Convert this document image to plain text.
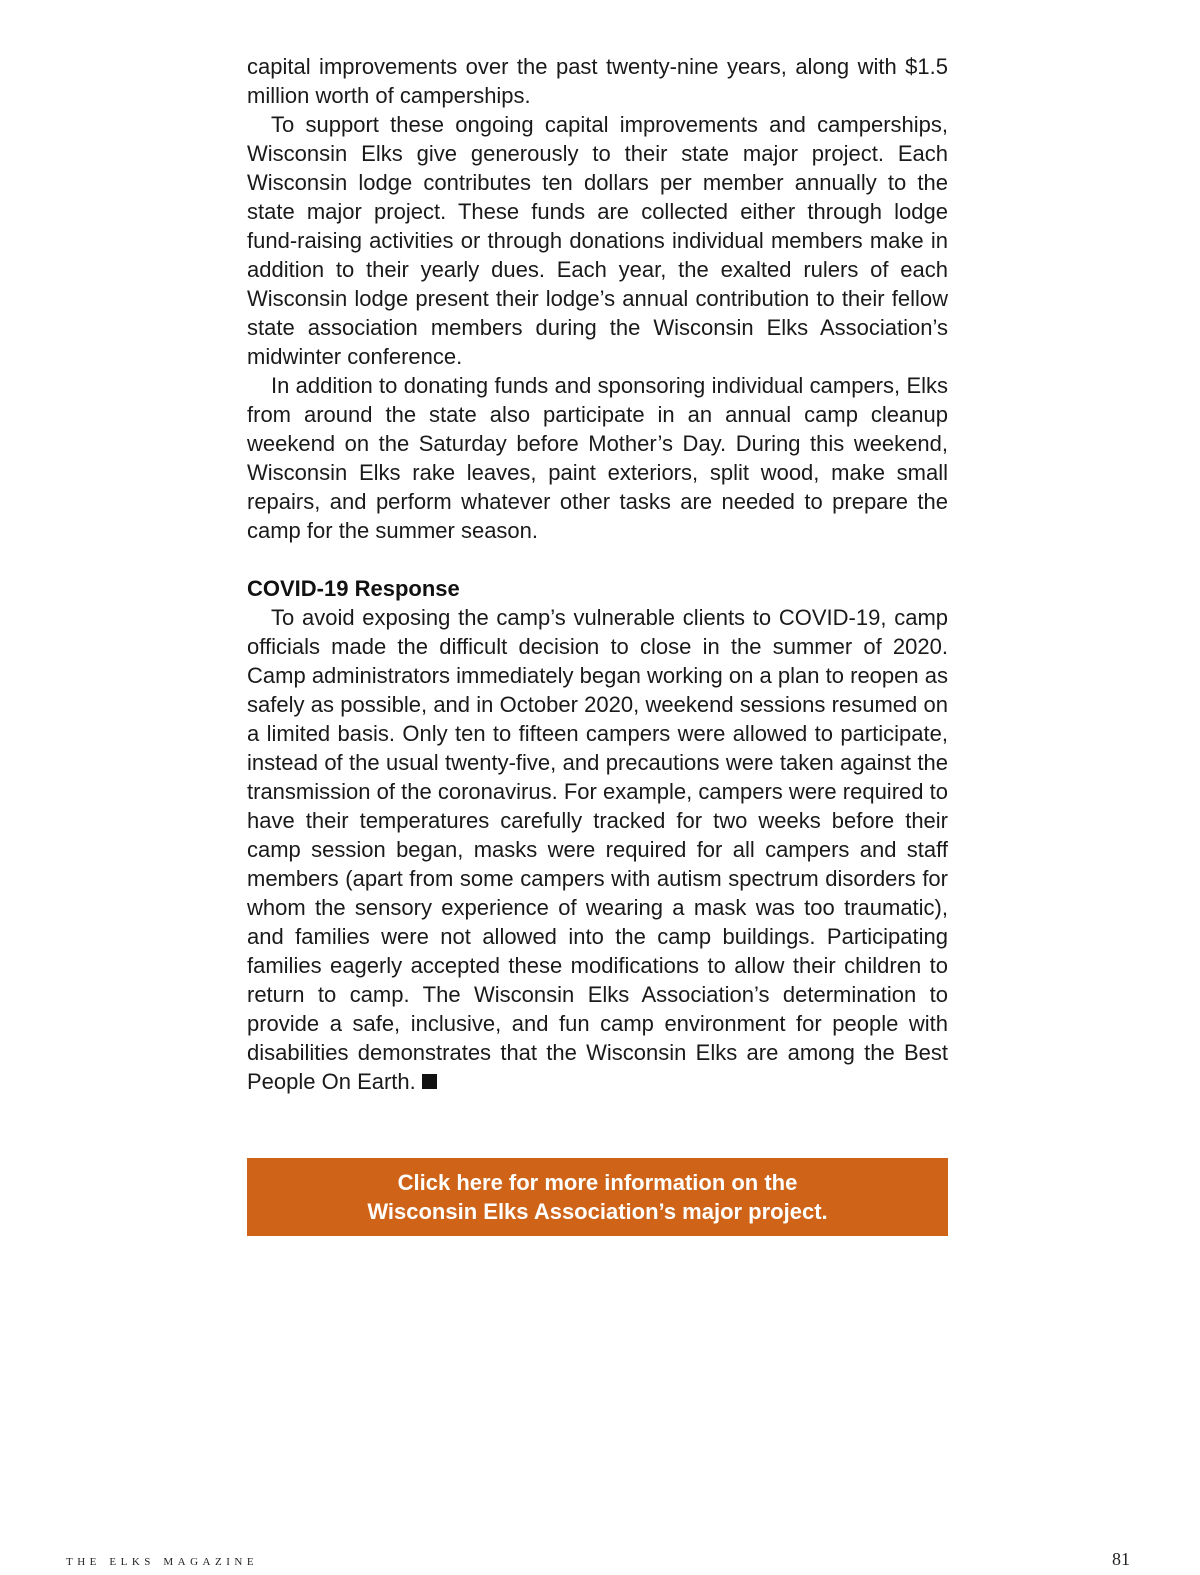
capital improvements over the past twenty-nine years, along with $1.5 million worth of camperships.

To support these ongoing capital improvements and camperships, Wisconsin Elks give generously to their state major project. Each Wisconsin lodge contributes ten dollars per member annually to the state major project. These funds are collected either through lodge fund-raising activities or through donations individual members make in addition to their yearly dues. Each year, the exalted rulers of each Wisconsin lodge present their lodge’s annual contribution to their fellow state association members during the Wisconsin Elks Association’s midwinter conference.

In addition to donating funds and sponsoring individual campers, Elks from around the state also participate in an annual camp cleanup weekend on the Saturday before Mother’s Day. During this weekend, Wisconsin Elks rake leaves, paint exteriors, split wood, make small repairs, and perform whatever other tasks are needed to prepare the camp for the summer season.

COVID-19 Response

To avoid exposing the camp’s vulnerable clients to COVID-19, camp officials made the difficult decision to close in the summer of 2020. Camp administrators immediately began working on a plan to reopen as safely as possible, and in October 2020, weekend sessions resumed on a limited basis. Only ten to fifteen campers were allowed to participate, instead of the usual twenty-five, and precautions were taken against the transmission of the coronavirus. For example, campers were required to have their temperatures carefully tracked for two weeks before their camp session began, masks were required for all campers and staff members (apart from some campers with autism spectrum disorders for whom the sensory experience of wearing a mask was too traumatic), and families were not allowed into the camp buildings. Participating families eagerly accepted these modifications to allow their children to return to camp. The Wisconsin Elks Association’s determination to provide a safe, inclusive, and fun camp environment for people with disabilities demonstrates that the Wisconsin Elks are among the Best People On Earth.

Click here for more information on the
Wisconsin Elks Association’s major project.
the elks magazine	81
